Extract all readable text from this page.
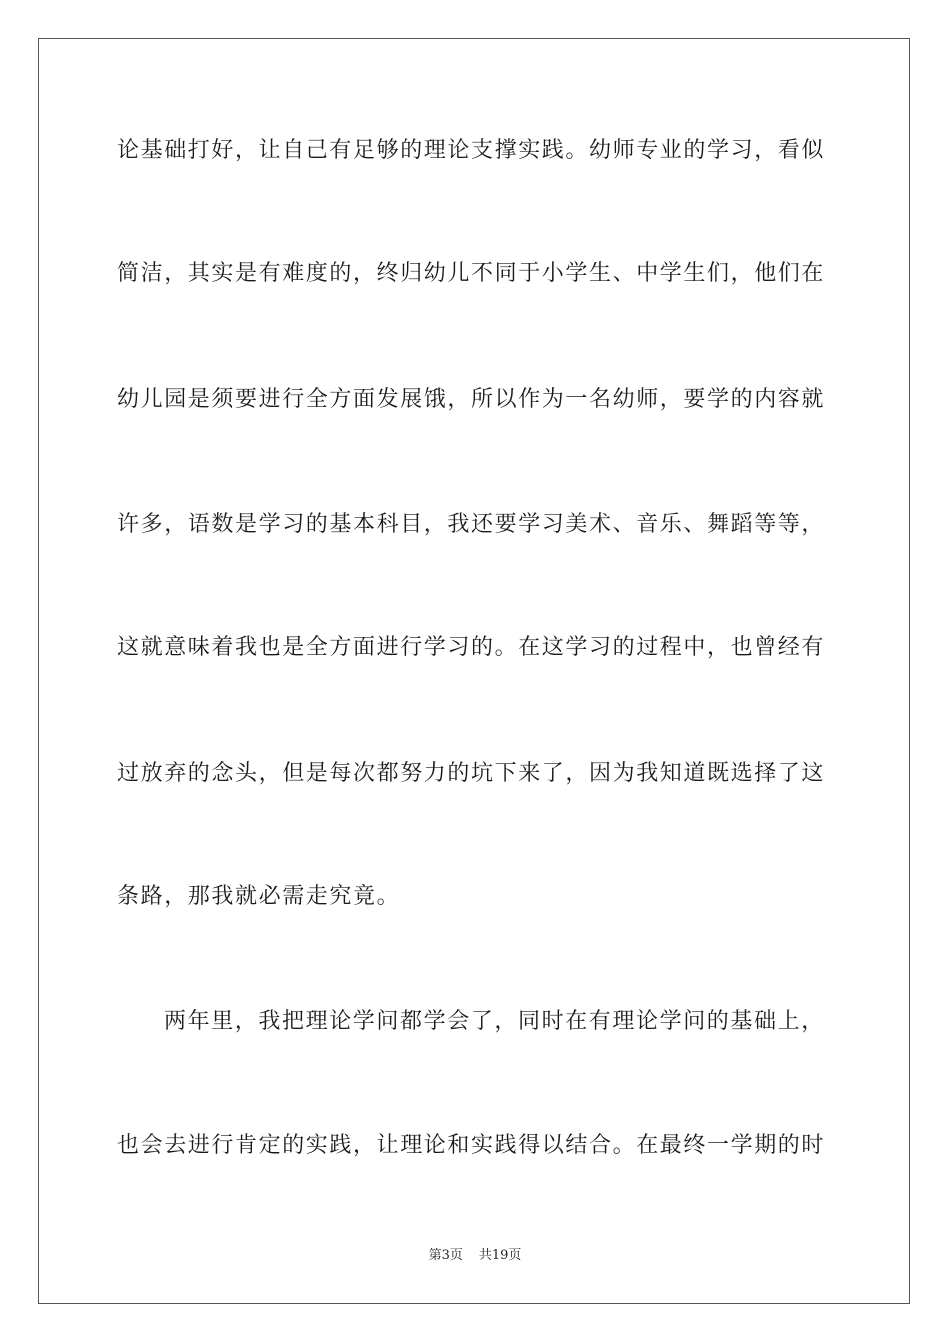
论基础打好，让自己有足够的理论支撑实践。幼师专业的学习，看似
简洁，其实是有难度的，终归幼儿不同于小学生、中学生们，他们在
幼儿园是须要进行全方面发展饿，所以作为一名幼师，要学的内容就
许多，语数是学习的基本科目，我还要学习美术、音乐、舞蹈等等，
这就意味着我也是全方面进行学习的。在这学习的过程中，也曾经有
过放弃的念头，但是每次都努力的坑下来了，因为我知道既选择了这
条路，那我就必需走究竟。
两年里，我把理论学问都学会了，同时在有理论学问的基础上，
也会去进行肯定的实践，让理论和实践得以结合。在最终一学期的时
第3页 共19页
